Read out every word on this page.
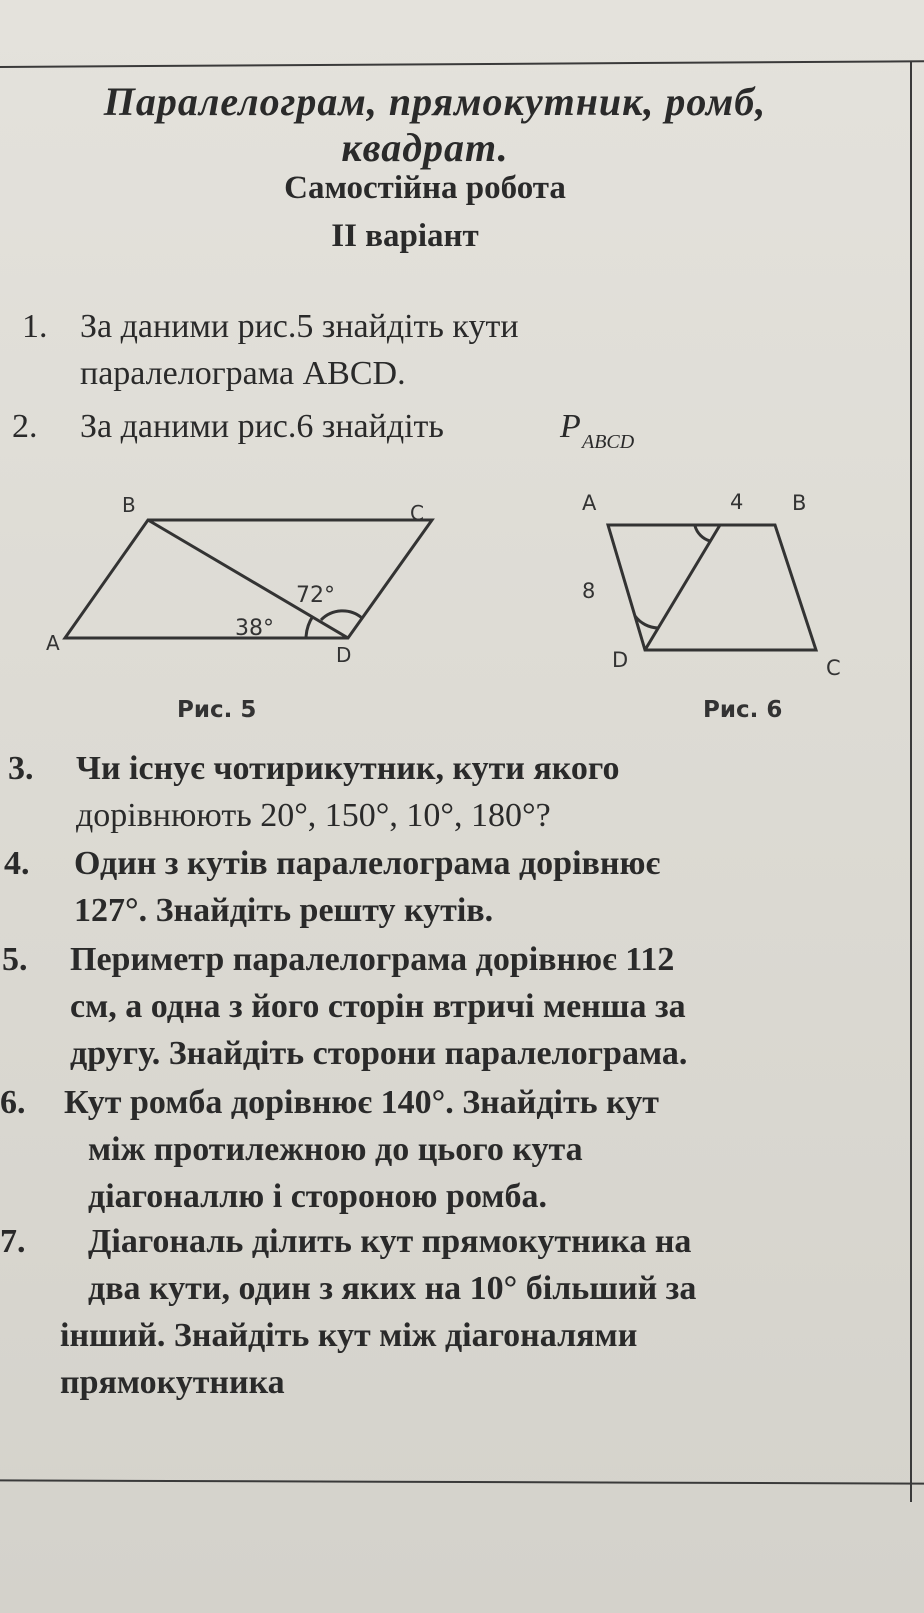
Паралелограм, прямокутник, ромб,
квадрат.
Самостійна робота
ІІ варіант
1. За даними рис.5 знайдіть кути
паралелограма ABCD.
2. За даними рис.6 знайдіть	P ABCD
A
B	C
D
38°
72°
Рис. 5
A	B
C
D
8
4
Рис. 6
3. Чи існує чотирикутник, кути якого
дорівнюють 20°, 150°, 10°, 180°?
4. Один з кутів паралелограма дорівнює
127°. Знайдіть решту кутів.
5. Периметр паралелограма дорівнює 112
см, а одна з його сторін втричі менша за
другу. Знайдіть сторони паралелограма.
6. Кут ромба дорівнює 140°. Знайдіть кут
між протилежною до цього кута
діагоналлю і стороною ромба.
7. Діагональ ділить кут прямокутника на
два кути, один з яких на 10° більший за
інший. Знайдіть кут між діагоналями
прямокутника
